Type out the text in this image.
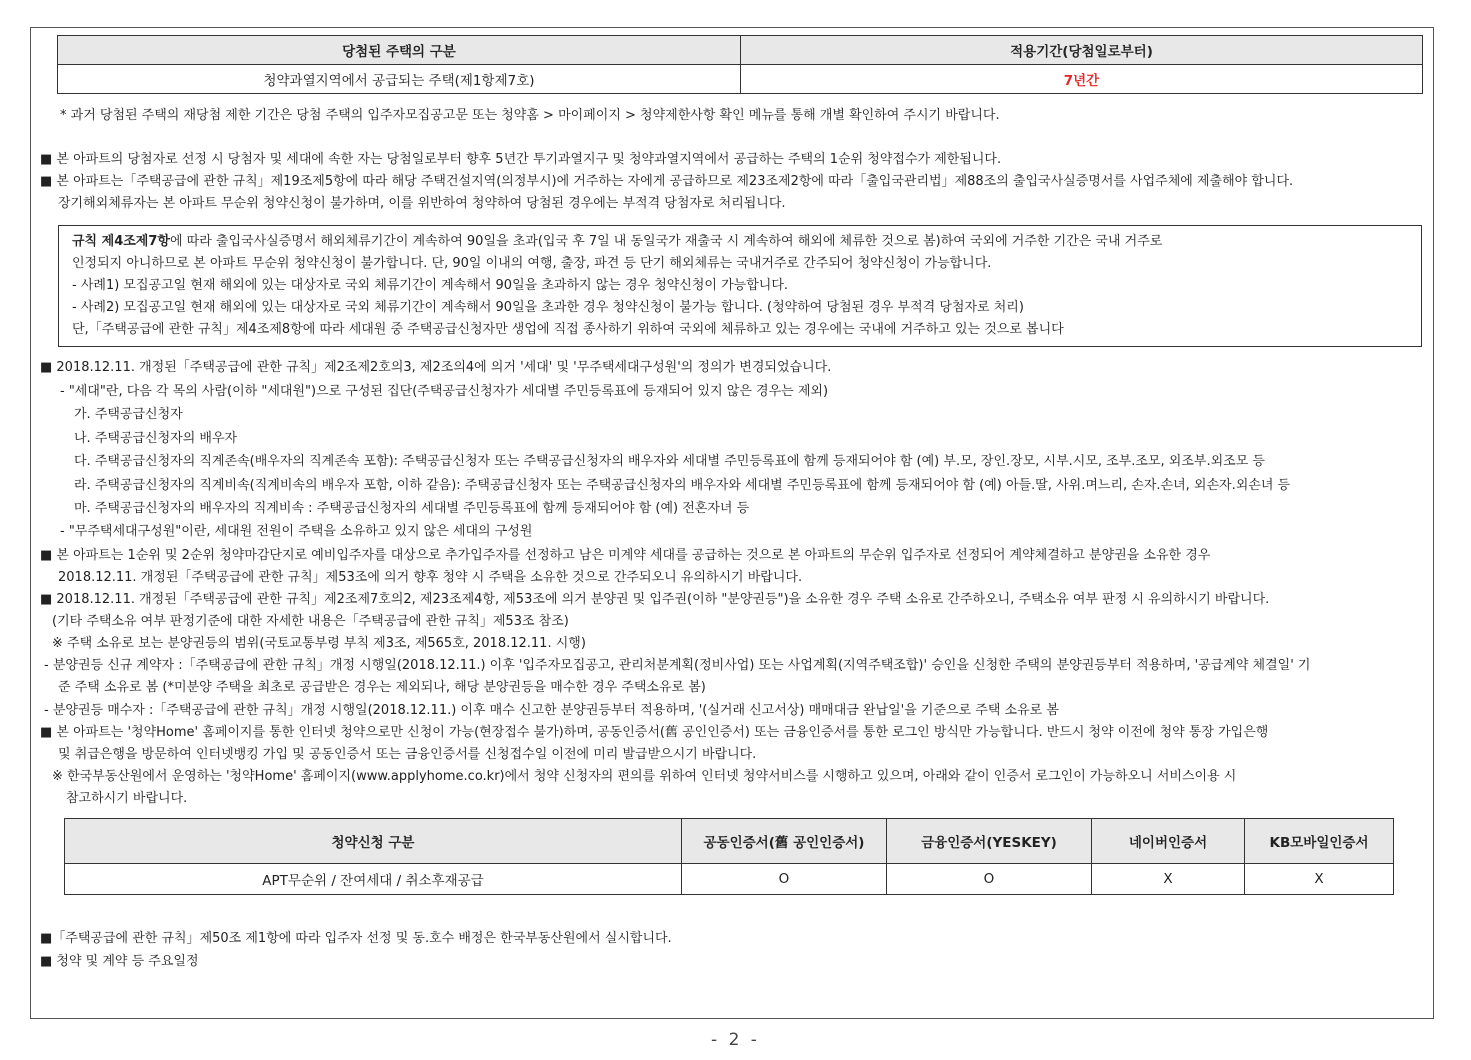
당첨된 주택의 구분	적용기간(당첨일로부터)
청약과열지역에서 공급되는 주택(제1항제7호)	7년간
* 과거 당첨된 주택의 재당첨 제한 기간은 당첨 주택의 입주자모집공고문 또는 청약홈 > 마이페이지 > 청약제한사항 확인 메뉴를 통해 개별 확인하여 주시기 바랍니다.
■ 본 아파트의 당첨자로 선정 시 당첨자 및 세대에 속한 자는 당첨일로부터 향후 5년간 투기과열지구 및 청약과열지역에서 공급하는 주택의 1순위 청약접수가 제한됩니다.
■ 본 아파트는「주택공급에 관한 규칙」제19조제5항에 따라 해당 주택건설지역(의정부시)에 거주하는 자에게 공급하므로 제23조제2항에 따라「출입국관리법」제88조의 출입국사실증명서를 사업주체에 제출해야 합니다.
장기해외체류자는 본 아파트 무순위 청약신청이 불가하며, 이를 위반하여 청약하여 당첨된 경우에는 부적격 당첨자로 처리됩니다.
규칙 제4조제7항에 따라 출입국사실증명서 해외체류기간이 계속하여 90일을 초과(입국 후 7일 내 동일국가 재출국 시 계속하여 해외에 체류한 것으로 봄)하여 국외에 거주한 기간은 국내 거주로
인정되지 아니하므로 본 아파트 무순위 청약신청이 불가합니다. 단, 90일 이내의 여행, 출장, 파견 등 단기 해외체류는 국내거주로 간주되어 청약신청이 가능합니다.
- 사례1) 모집공고일 현재 해외에 있는 대상자로 국외 체류기간이 계속해서 90일을 초과하지 않는 경우 청약신청이 가능합니다.
- 사례2) 모집공고일 현재 해외에 있는 대상자로 국외 체류기간이 계속해서 90일을 초과한 경우 청약신청이 불가능 합니다. (청약하여 당첨된 경우 부적격 당첨자로 처리)
단,「주택공급에 관한 규칙」제4조제8항에 따라 세대원 중 주택공급신청자만 생업에 직접 종사하기 위하여 국외에 체류하고 있는 경우에는 국내에 거주하고 있는 것으로 봅니다
■ 2018.12.11. 개정된「주택공급에 관한 규칙」제2조제2호의3, 제2조의4에 의거 '세대' 및 '무주택세대구성원'의 정의가 변경되었습니다.
- "세대"란, 다음 각 목의 사람(이하 "세대원")으로 구성된 집단(주택공급신청자가 세대별 주민등록표에 등재되어 있지 않은 경우는 제외)
가. 주택공급신청자
나. 주택공급신청자의 배우자
다. 주택공급신청자의 직계존속(배우자의 직계존속 포함): 주택공급신청자 또는 주택공급신청자의 배우자와 세대별 주민등록표에 함께 등재되어야 함 (예) 부.모, 장인.장모, 시부.시모, 조부.조모, 외조부.외조모 등
라. 주택공급신청자의 직계비속(직계비속의 배우자 포함, 이하 같음): 주택공급신청자 또는 주택공급신청자의 배우자와 세대별 주민등록표에 함께 등재되어야 함 (예) 아들.딸, 사위.며느리, 손자.손녀, 외손자.외손녀 등
마. 주택공급신청자의 배우자의 직계비속 : 주택공급신청자의 세대별 주민등록표에 함께 등재되어야 함 (예) 전혼자녀 등
- "무주택세대구성원"이란, 세대원 전원이 주택을 소유하고 있지 않은 세대의 구성원
■ 본 아파트는 1순위 및 2순위 청약마감단지로 예비입주자를 대상으로 추가입주자를 선정하고 남은 미계약 세대를 공급하는 것으로 본 아파트의 무순위 입주자로 선정되어 계약체결하고 분양권을 소유한 경우
2018.12.11. 개정된「주택공급에 관한 규칙」제53조에 의거 향후 청약 시 주택을 소유한 것으로 간주되오니 유의하시기 바랍니다.
■ 2018.12.11. 개정된「주택공급에 관한 규칙」제2조제7호의2, 제23조제4항, 제53조에 의거 분양권 및 입주권(이하 "분양권등")을 소유한 경우 주택 소유로 간주하오니, 주택소유 여부 판정 시 유의하시기 바랍니다.
(기타 주택소유 여부 판정기준에 대한 자세한 내용은「주택공급에 관한 규칙」제53조 참조)
※ 주택 소유로 보는 분양권등의 범위(국토교통부령 부칙 제3조, 제565호, 2018.12.11. 시행)
- 분양권등 신규 계약자 :「주택공급에 관한 규칙」개정 시행일(2018.12.11.) 이후 '입주자모집공고, 관리처분계획(정비사업) 또는 사업계획(지역주택조합)' 승인을 신청한 주택의 분양권등부터 적용하며, '공급계약 체결일' 기
준 주택 소유로 봄 (*미분양 주택을 최초로 공급받은 경우는 제외되나, 해당 분양권등을 매수한 경우 주택소유로 봄)
- 분양권등 매수자 :「주택공급에 관한 규칙」개정 시행일(2018.12.11.) 이후 매수 신고한 분양권등부터 적용하며, '(실거래 신고서상) 매매대금 완납일'을 기준으로 주택 소유로 봄
■ 본 아파트는 '청약Home' 홈페이지를 통한 인터넷 청약으로만 신청이 가능(현장접수 불가)하며, 공동인증서(舊 공인인증서) 또는 금융인증서를 통한 로그인 방식만 가능합니다. 반드시 청약 이전에 청약 통장 가입은행
및 취급은행을 방문하여 인터넷뱅킹 가입 및 공동인증서 또는 금융인증서를 신청접수일 이전에 미리 발급받으시기 바랍니다.
※ 한국부동산원에서 운영하는 '청약Home' 홈페이지(www.applyhome.co.kr)에서 청약 신청자의 편의를 위하여 인터넷 청약서비스를 시행하고 있으며, 아래와 같이 인증서 로그인이 가능하오니 서비스이용 시
참고하시기 바랍니다.
청약신청 구분	공동인증서(舊 공인인증서)	금융인증서(YESKEY)	네이버인증서	KB모바일인증서
APT무순위 / 잔여세대 / 취소후재공급	O	O	X	X
■「주택공급에 관한 규칙」제50조 제1항에 따라 입주자 선정 및 동.호수 배정은 한국부동산원에서 실시합니다.
■ 청약 및 계약 등 주요일정
- 2 -
